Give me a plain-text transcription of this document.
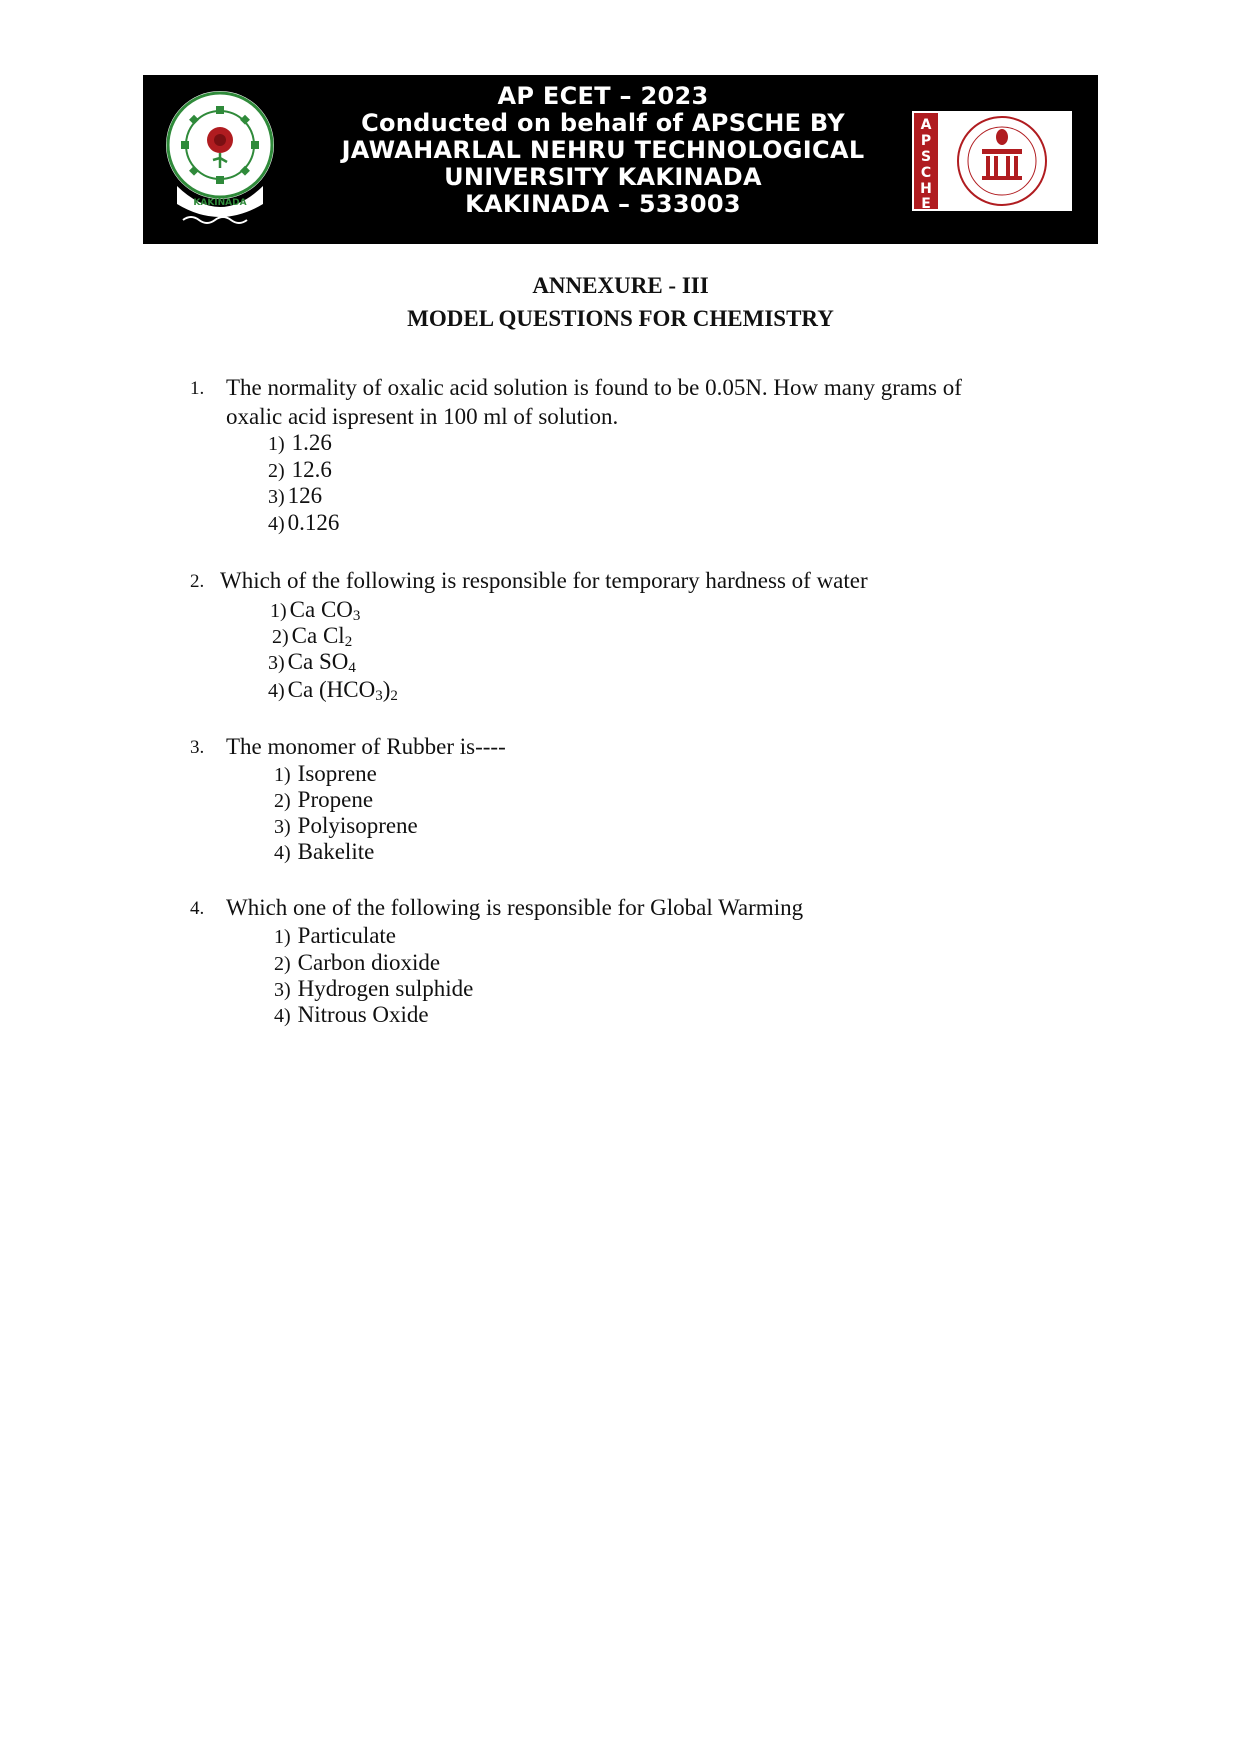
KAKINADA
AP ECET – 2023
Conducted on behalf of APSCHE BY
JAWAHARLAL NEHRU TECHNOLOGICAL
UNIVERSITY KAKINADA
KAKINADA – 533003
A
P
S
C
H
E
ANNEXURE - III
MODEL QUESTIONS FOR CHEMISTRY
1. The normality of oxalic acid solution is found to be 0.05N. How many grams of
oxalic acid ispresent in 100 ml of solution.
1) 1.26
2) 12.6
3) 126
4) 0.126
2. Which of the following is responsible for temporary hardness of water
1) Ca $CO_3$
2) Ca $Cl_2$
3) Ca $SO_4$
4) Ca $(HCO_3)_2$
3. The monomer of Rubber is----
1) Isoprene
2) Propene
3) Polyisoprene
4) Bakelite
4. Which one of the following is responsible for Global Warming
1) Particulate
2) Carbon dioxide
3) Hydrogen sulphide
4) Nitrous Oxide
